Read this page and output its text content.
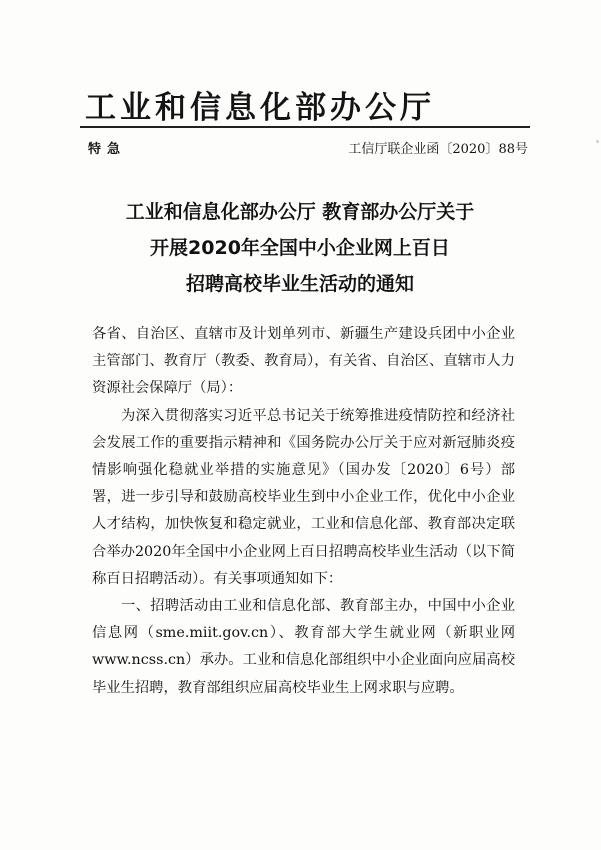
工业和信息化部办公厅
特急	工信厅联企业函〔2020〕88号
工业和信息化部办公厅 教育部办公厅关于
开展2020年全国中小企业网上百日
招聘高校毕业生活动的通知

各省、自治区、直辖市及计划单列市、新疆生产建设兵团中小企业主管部门、教育厅（教委、教育局），有关省、自治区、直辖市人力资源社会保障厅（局）：

为深入贯彻落实习近平总书记关于统筹推进疫情防控和经济社会发展工作的重要指示精神和《国务院办公厅关于应对新冠肺炎疫情影响强化稳就业举措的实施意见》（国办发〔2020〕6号）部署，进一步引导和鼓励高校毕业生到中小企业工作，优化中小企业人才结构，加快恢复和稳定就业，工业和信息化部、教育部决定联合举办2020年全国中小企业网上百日招聘高校毕业生活动（以下简称百日招聘活动）。有关事项通知如下：

一、招聘活动由工业和信息化部、教育部主办，中国中小企业信息网（sme.miit.gov.cn）、教育部大学生就业网（新职业网www.ncss.cn）承办。工业和信息化部组织中小企业面向应届高校毕业生招聘，教育部组织应届高校毕业生上网求职与应聘。
